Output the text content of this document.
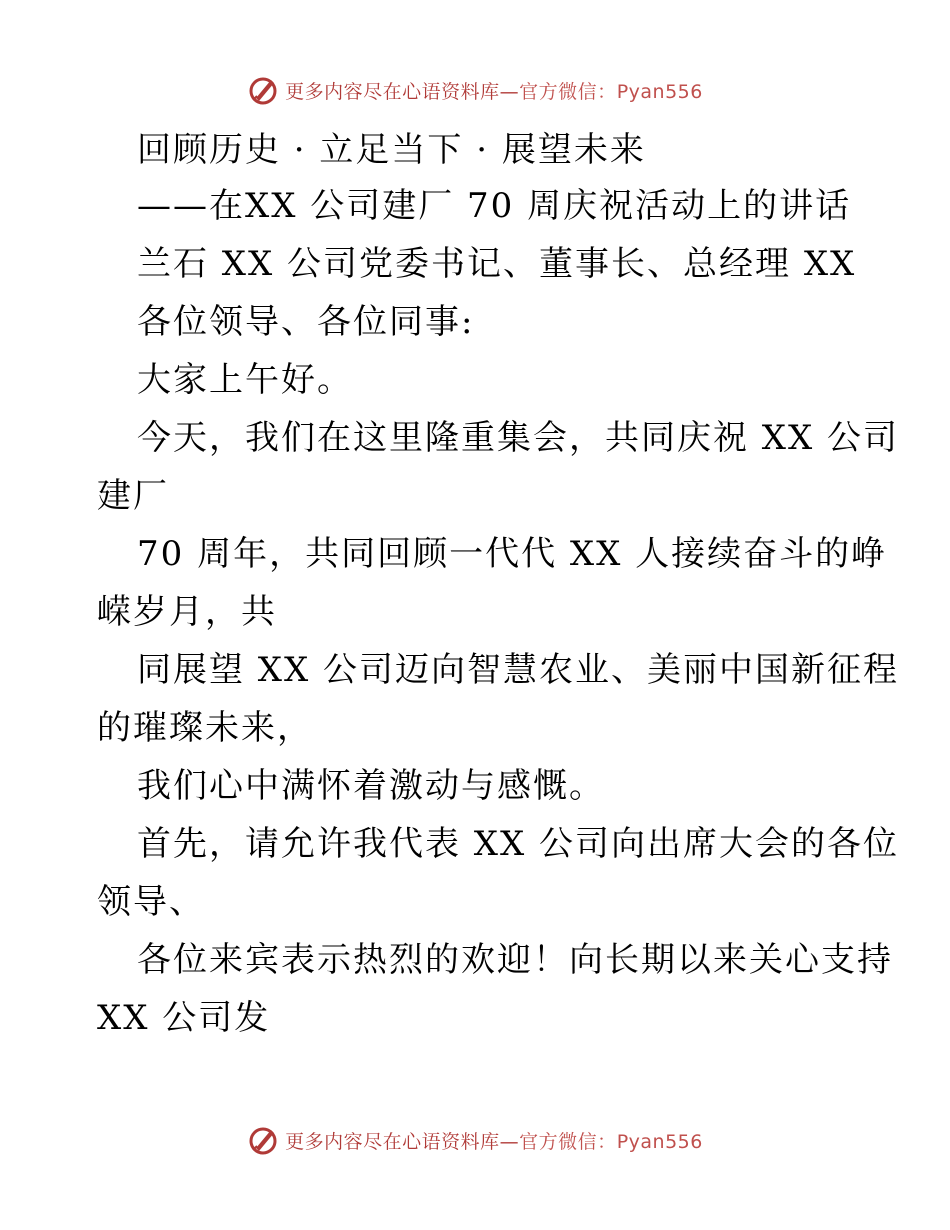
更多内容尽在心语资料库—官方微信：Pyan556
回顾历史 · 立足当下 · 展望未来
——在XX 公司建厂 70 周庆祝活动上的讲话
兰石 XX 公司党委书记、董事长、总经理 XX
各位领导、各位同事:
大家上午好。
今天，我们在这里隆重集会，共同庆祝 XX 公司
建厂
70 周年，共同回顾一代代 XX 人接续奋斗的峥
嵘岁月，共
同展望 XX 公司迈向智慧农业、美丽中国新征程
的璀璨未来，
我们心中满怀着激动与感慨。
首先，请允许我代表 XX 公司向出席大会的各位
领导、
各位来宾表示热烈的欢迎！向长期以来关心支持
XX 公司发
更多内容尽在心语资料库—官方微信：Pyan556
